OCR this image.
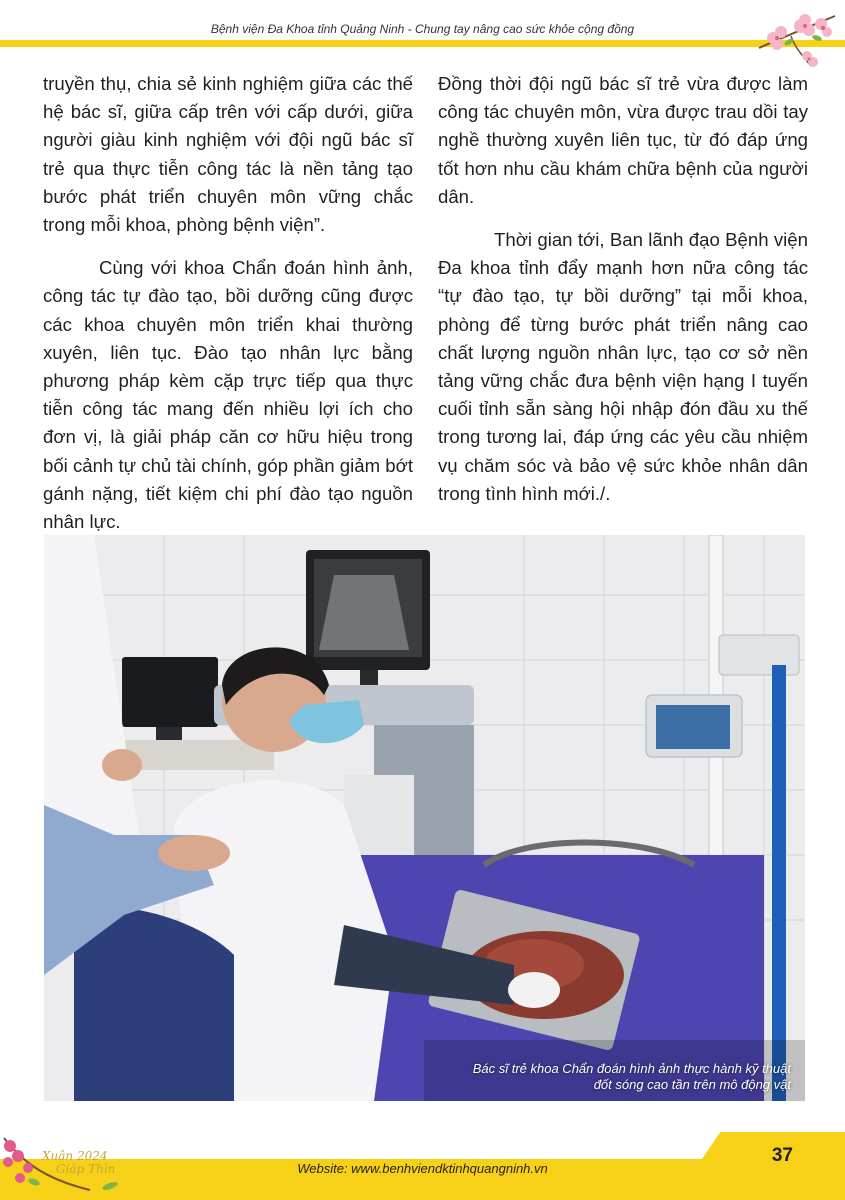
Bệnh viện Đa Khoa tỉnh Quảng Ninh - Chung tay nâng cao sức khỏe cộng đồng

truyền thụ, chia sẻ kinh nghiệm giữa các thế hệ bác sĩ, giữa cấp trên với cấp dưới, giữa người giàu kinh nghiệm với đội ngũ bác sĩ trẻ qua thực tiễn công tác là nền tảng tạo bước phát triển chuyên môn vững chắc trong mỗi khoa, phòng bệnh viện”.

Cùng với khoa Chẩn đoán hình ảnh, công tác tự đào tạo, bồi dưỡng cũng được các khoa chuyên môn triển khai thường xuyên, liên tục. Đào tạo nhân lực bằng phương pháp kèm cặp trực tiếp qua thực tiễn công tác mang đến nhiều lợi ích cho đơn vị, là giải pháp căn cơ hữu hiệu trong bối cảnh tự chủ tài chính, góp phần giảm bớt gánh nặng, tiết kiệm chi phí đào tạo nguồn nhân lực.

Đồng thời đội ngũ bác sĩ trẻ vừa được làm công tác chuyên môn, vừa được trau dồi tay nghề thường xuyên liên tục, từ đó đáp ứng tốt hơn nhu cầu khám chữa bệnh của người dân.

Thời gian tới, Ban lãnh đạo Bệnh viện Đa khoa tỉnh đẩy mạnh hơn nữa công tác “tự đào tạo, tự bồi dưỡng” tại mỗi khoa, phòng để từng bước phát triển nâng cao chất lượng nguồn nhân lực, tạo cơ sở nền tảng vững chắc đưa bệnh viện hạng I tuyến cuối tỉnh sẵn sàng hội nhập đón đầu xu thế trong tương lai, đáp ứng các yêu cầu nhiệm vụ chăm sóc và bảo vệ sức khỏe nhân dân trong tình hình mới./.

Bác sĩ trẻ khoa Chẩn đoán hình ảnh thực hành kỹ thuật
đốt sóng cao tần trên mô động vật
Website: www.benhviendktinhquangninh.vn
37
Xuân 2024
Giáp Thìn
